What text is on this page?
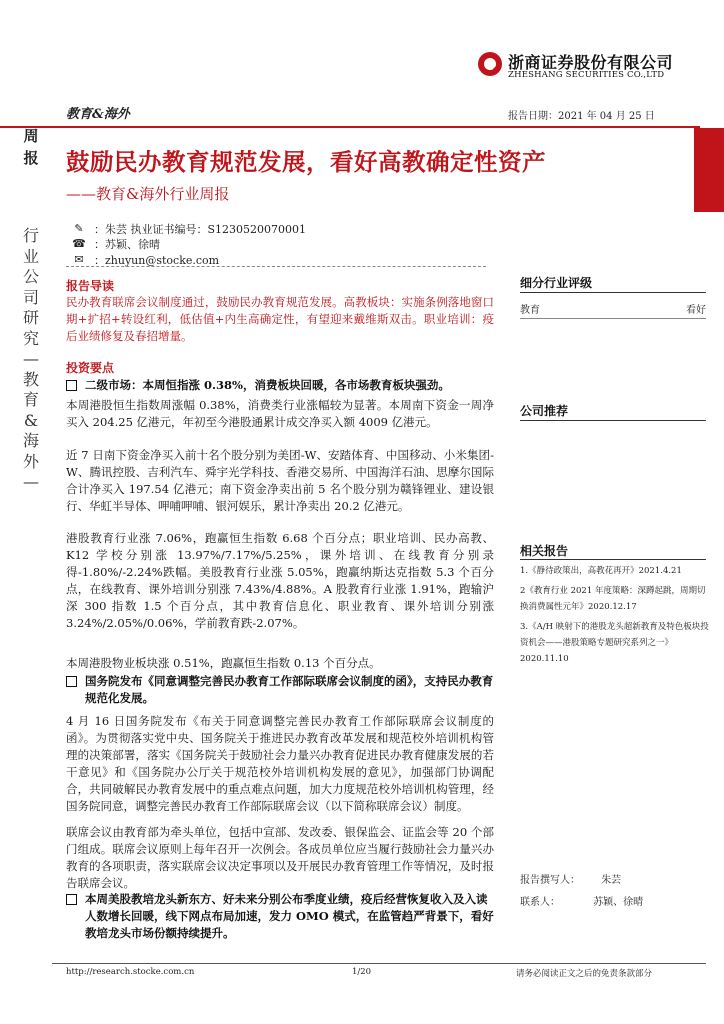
浙商证券股份有限公司
ZHESHANG SECURITIES CO.,LTD
教育&海外	报告日期：2021 年 04 月 25 日
周报 鼓励民办教育规范发展，看好高教确定性资产
——教育&海外行业周报
行业公司研究—教育&海外—
✎ ：朱芸 执业证书编号：S1230520070001
☎ ：苏颖、徐晴
✉ ：zhuyun@stocke.com
报告导读
民办教育联席会议制度通过，鼓励民办教育规范发展。高教板块：实施条例落地窗口期+扩招+转设红利，低估值+内生高确定性，有望迎来戴维斯双击。职业培训：疫后业绩修复及春招增量。
投资要点
二级市场：本周恒指涨 0.38%，消费板块回暖，各市场教育板块强劲。
本周港股恒生指数周涨幅 0.38%，消费类行业涨幅较为显著。本周南下资金一周净买入 204.25 亿港元，年初至今港股通累计成交净买入额 4009 亿港元。
近 7 日南下资金净买入前十名个股分别为美团-W、安踏体育、中国移动、小米集团-W、腾讯控股、吉利汽车、舜宇光学科技、香港交易所、中国海洋石油、思摩尔国际合计净买入 197.54 亿港元；南下资金净卖出前 5 名个股分别为赣锋锂业、建设银行、华虹半导体、呷哺呷哺、银河娱乐，累计净卖出 20.2 亿港元。
港股教育行业涨 7.06%，跑赢恒生指数 6.68 个百分点；职业培训、民办高教、K12 学校分别涨 13.97%/7.17%/5.25%，课外培训、在线教育分别录得-1.80%/-2.24%跌幅。美股教育行业涨 5.05%，跑赢纳斯达克指数 5.3 个百分点，在线教育、课外培训分别涨 7.43%/4.88%。A 股教育行业涨 1.91%，跑输沪深 300 指数 1.5 个百分点，其中教育信息化、职业教育、课外培训分别涨 3.24%/2.05%/0.06%，学前教育跌-2.07%。
本周港股物业板块涨 0.51%，跑赢恒生指数 0.13 个百分点。
国务院发布《同意调整完善民办教育工作部际联席会议制度的函》，支持民办教育规范化发展。
4 月 16 日国务院发布《布关于同意调整完善民办教育工作部际联席会议制度的函》。为贯彻落实党中央、国务院关于推进民办教育改革发展和规范校外培训机构管理的决策部署，落实《国务院关于鼓励社会力量兴办教育促进民办教育健康发展的若干意见》和《国务院办公厅关于规范校外培训机构发展的意见》，加强部门协调配合，共同破解民办教育发展中的重点难点问题，加大力度规范校外培训机构管理，经国务院同意，调整完善民办教育工作部际联席会议（以下简称联席会议）制度。
联席会议由教育部为牵头单位，包括中宣部、发改委、银保监会、证监会等 20 个部门组成。联席会议原则上每年召开一次例会。各成员单位应当履行鼓励社会力量兴办教育的各项职责，落实联席会议决定事项以及开展民办教育管理工作等情况，及时报告联席会议。
本周美股教培龙头新东方、好未来分别公布季度业绩，疫后经营恢复收入及入读人数增长回暖，线下网点布局加速，发力 OMO 模式，在监管趋严背景下，看好教培龙头市场份额持续提升。
细分行业评级
教育	看好
公司推荐
相关报告
1.《静待政策出，高教花再开》2021.4.21
2《教育行业 2021 年度策略：深蹲起跳，周期切换消费属性元年》2020.12.17
3.《A/H 映射下的港股龙头超新教育及特色板块投资机会——港股策略专题研究系列之一》 2020.11.10
报告撰写人： 朱芸
联系人：	苏颖、徐晴
http://research.stocke.com.cn	1/20	请务必阅读正文之后的免责条款部分
